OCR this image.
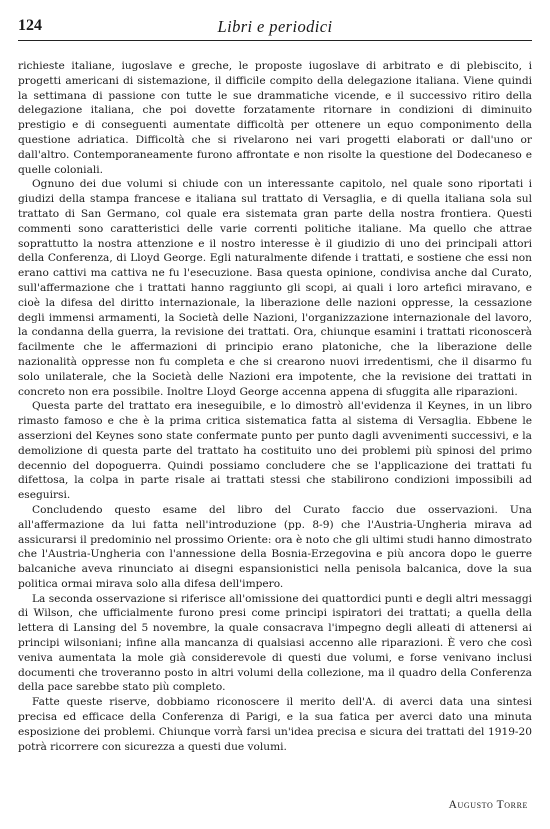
124	Libri e periodici

richieste italiane, iugoslave e greche, le proposte iugoslave di arbitrato e di plebiscito, i progetti americani di sistemazione, il difficile compito della delegazione italiana. Viene quindi la settimana di passione con tutte le sue drammatiche vicende, e il successivo ritiro della delegazione italiana, che poi dovette forzatamente ritornare in condizioni di diminuito prestigio e di conseguenti aumentate difficoltà per ottenere un equo componimento della questione adriatica. Difficoltà che si rivelarono nei vari progetti elaborati or dall'uno or dall'altro. Contemporaneamente furono affrontate e non risolte la questione del Dodecaneso e quelle coloniali.

Ognuno dei due volumi si chiude con un interessante capitolo, nel quale sono riportati i giudizi della stampa francese e italiana sul trattato di Versaglia, e di quella italiana sola sul trattato di San Germano, col quale era sistemata gran parte della nostra frontiera. Questi commenti sono caratteristici delle varie correnti politiche italiane. Ma quello che attrae soprattutto la nostra attenzione e il nostro interesse è il giudizio di uno dei principali attori della Conferenza, di Lloyd George. Egli naturalmente difende i trattati, e sostiene che essi non erano cattivi ma cattiva ne fu l'esecuzione. Basa questa opinione, condivisa anche dal Curato, sull'affermazione che i trattati hanno raggiunto gli scopi, ai quali i loro artefici miravano, e cioè la difesa del diritto internazionale, la liberazione delle nazioni oppresse, la cessazione degli immensi armamenti, la Società delle Nazioni, l'organizzazione internazionale del lavoro, la condanna della guerra, la revisione dei trattati. Ora, chiunque esamini i trattati riconoscerà facilmente che le affermazioni di principio erano platoniche, che la liberazione delle nazionalità oppresse non fu completa e che si crearono nuovi irredentismi, che il disarmo fu solo unilaterale, che la Società delle Nazioni era impotente, che la revisione dei trattati in concreto non era possibile. Inoltre Lloyd George accenna appena di sfuggita alle riparazioni.

Questa parte del trattato era ineseguibile, e lo dimostrò all'evidenza il Keynes, in un libro rimasto famoso e che è la prima critica sistematica fatta al sistema di Versaglia. Ebbene le asserzioni del Keynes sono state confermate punto per punto dagli avvenimenti successivi, e la demolizione di questa parte del trattato ha costituito uno dei problemi più spinosi del primo decennio del dopoguerra. Quindi possiamo concludere che se l'applicazione dei trattati fu difettosa, la colpa in parte risale ai trattati stessi che stabilirono condizioni impossibili ad eseguirsi.

Concludendo questo esame del libro del Curato faccio due osservazioni. Una all'affermazione da lui fatta nell'introduzione (pp. 8-9) che l'Austria-Ungheria mirava ad assicurarsi il predominio nel prossimo Oriente: ora è noto che gli ultimi studi hanno dimostrato che l'Austria-Ungheria con l'annessione della Bosnia-Erzegovina e più ancora dopo le guerre balcaniche aveva rinunciato ai disegni espansionistici nella penisola balcanica, dove la sua politica ormai mirava solo alla difesa dell'impero.

La seconda osservazione si riferisce all'omissione dei quattordici punti e degli altri messaggi di Wilson, che ufficialmente furono presi come principi ispiratori dei trattati; a quella della lettera di Lansing del 5 novembre, la quale consacrava l'impegno degli alleati di attenersi ai principi wilsoniani; infine alla mancanza di qualsiasi accenno alle riparazioni. È vero che così veniva aumentata la mole già considerevole di questi due volumi, e forse venivano inclusi documenti che troveranno posto in altri volumi della collezione, ma il quadro della Conferenza della pace sarebbe stato più completo.

Fatte queste riserve, dobbiamo riconoscere il merito dell'A. di averci data una sintesi precisa ed efficace della Conferenza di Parigi, e la sua fatica per averci dato una minuta esposizione dei problemi. Chiunque vorrà farsi un'idea precisa e sicura dei trattati del 1919-20 potrà ricorrere con sicurezza a questi due volumi.

Augusto Torre
